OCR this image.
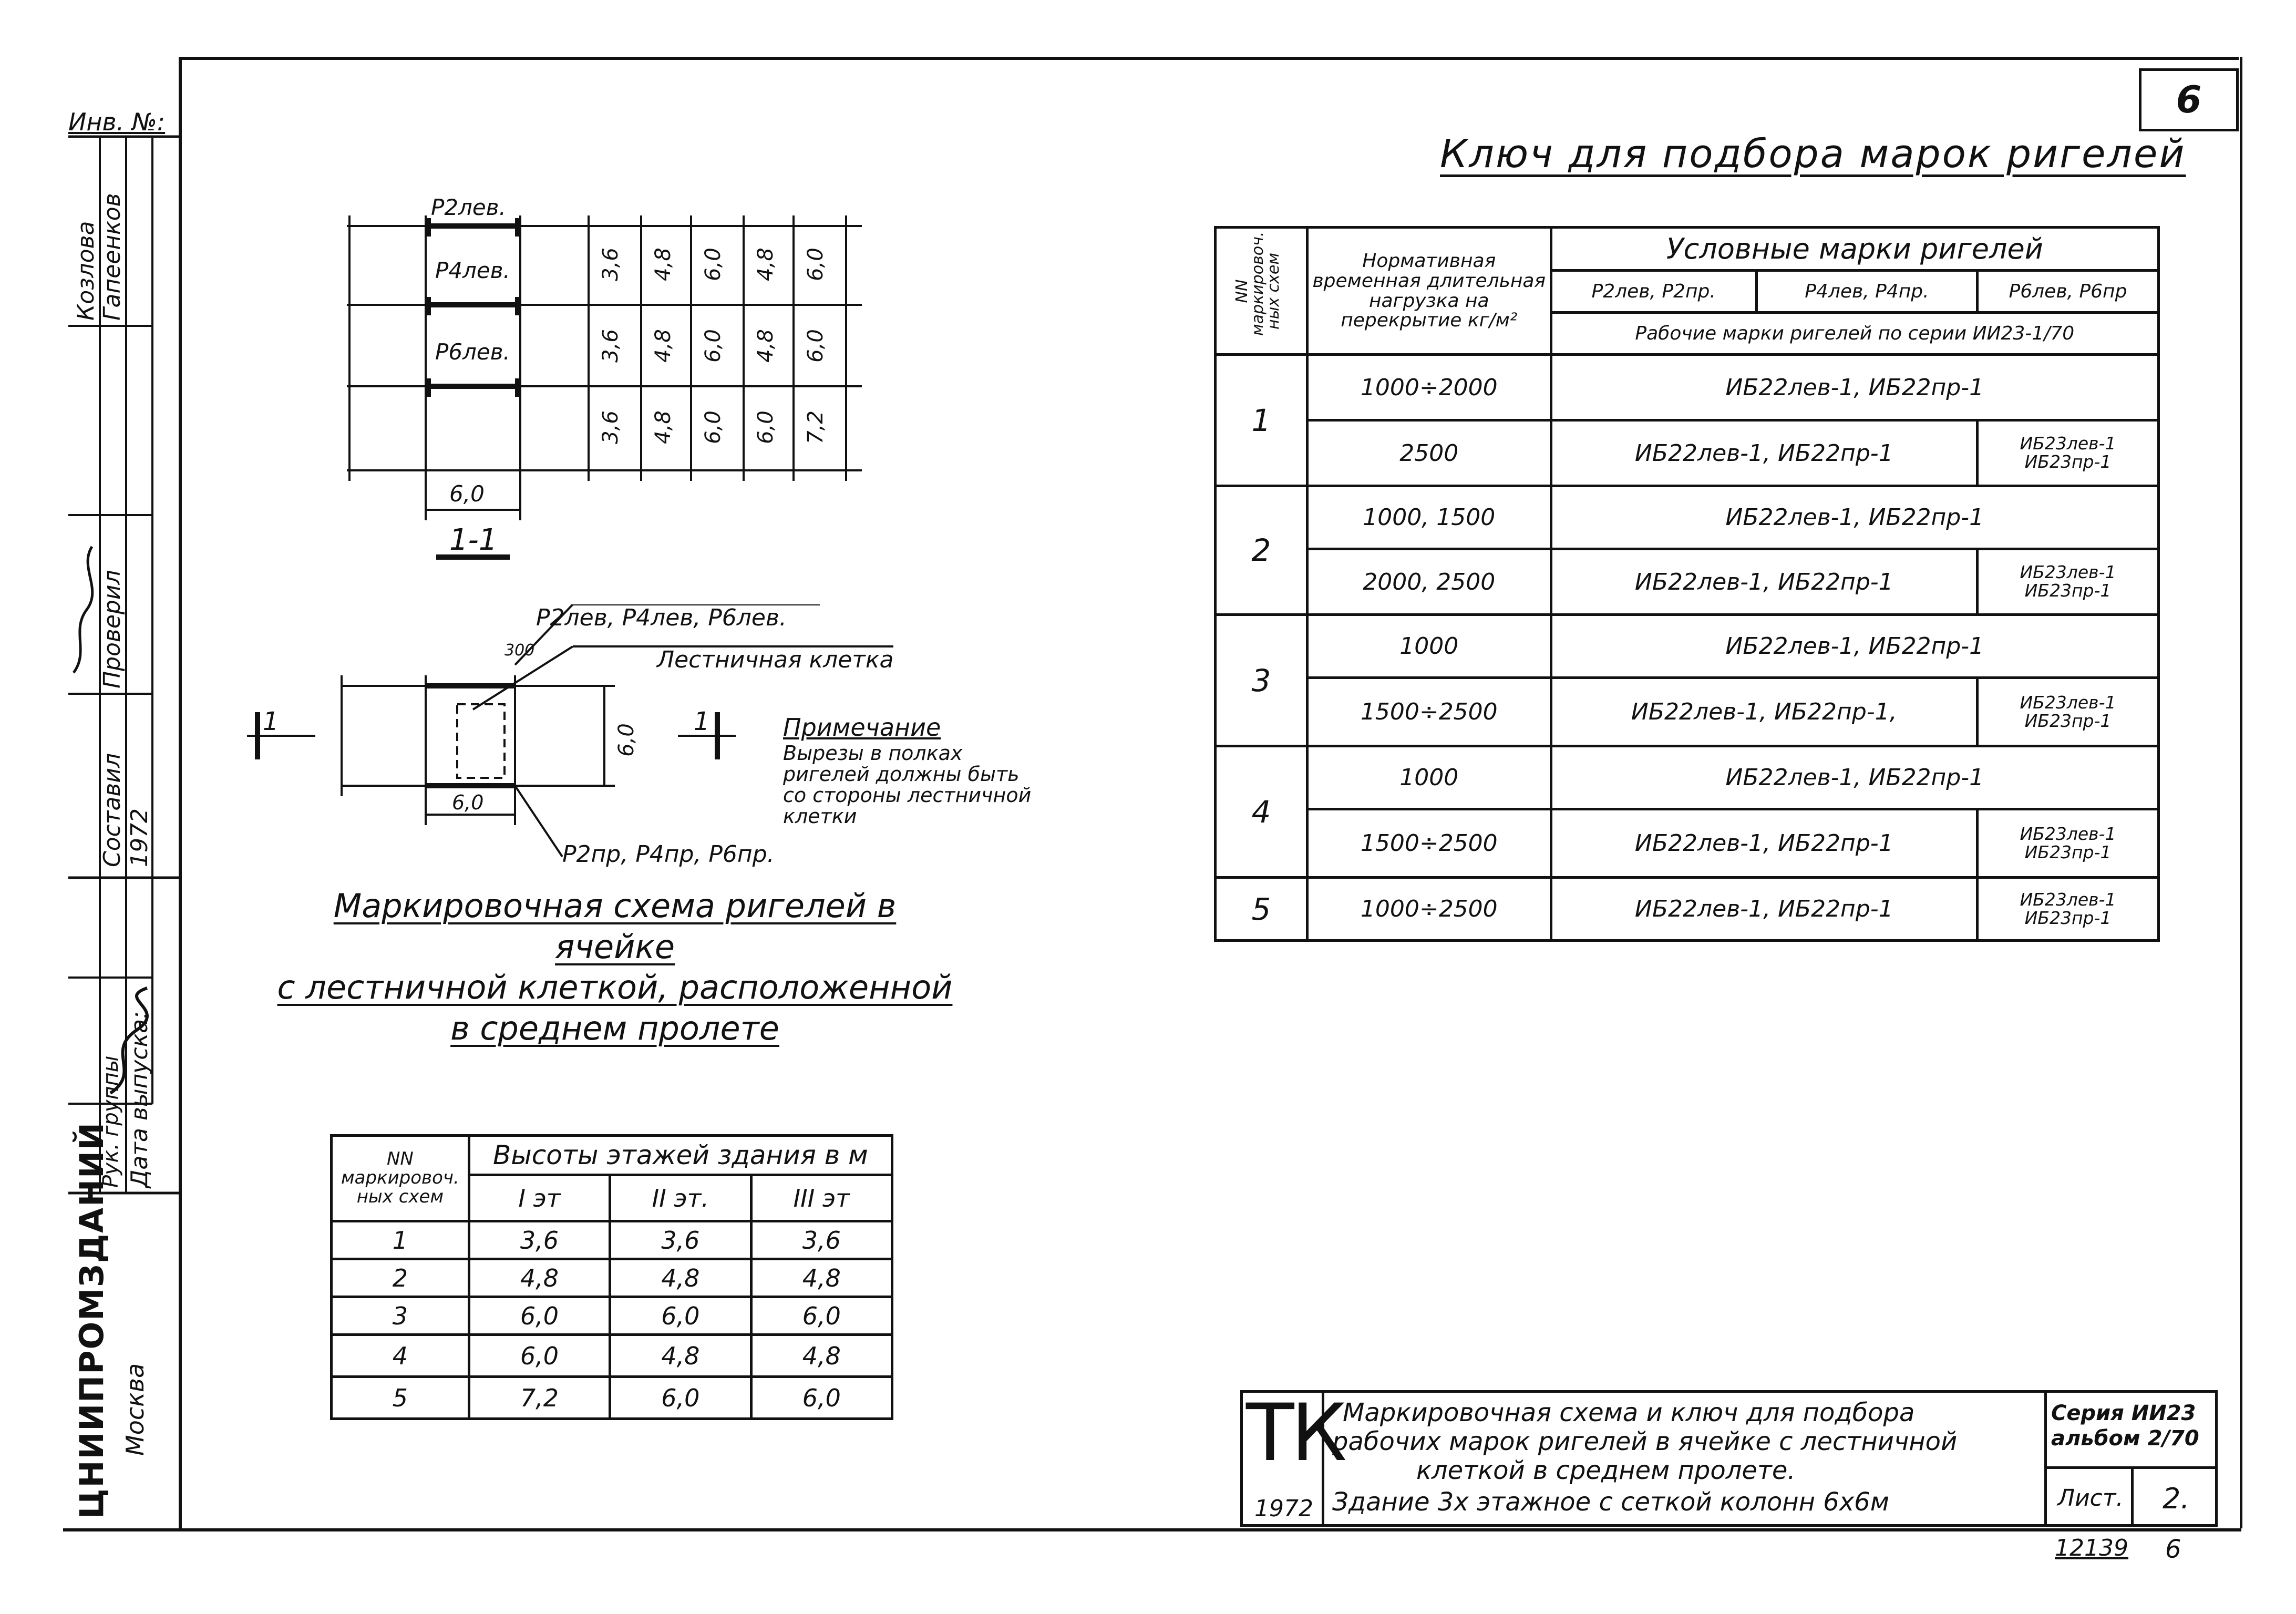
Инв. №:
Козлова Гапеенков
Проверил
Составил 1972
Рук. группы Дата выпуска:
ЦНИИПРОМЗДАНИЙ Москва
6
Ключ для подбора марок ригелей
NN маркировоч. ных схем	Нормативная временная длительная нагрузка на перекрытие кг/м²	Условные марки ригелей		
		Р2лев, Р2пр.	Р4лев, Р4пр.	Р6лев, Р6пр
		Рабочие марки ригелей по серии ИИ23-1/70		
1	1000÷2000	ИБ22лев-1, ИБ22пр-1		
	2500	ИБ22лев-1, ИБ22пр-1		ИБ23лев-1 ИБ23пр-1
2	1000, 1500	ИБ22лев-1, ИБ22пр-1		
	2000, 2500	ИБ22лев-1, ИБ22пр-1		ИБ23лев-1 ИБ23пр-1
3	1000	ИБ22лев-1, ИБ22пр-1		
	1500÷2500	ИБ22лев-1, ИБ22пр-1,		ИБ23лев-1 ИБ23пр-1
4	1000	ИБ22лев-1, ИБ22пр-1		
	1500÷2500	ИБ22лев-1, ИБ22пр-1		ИБ23лев-1 ИБ23пр-1
5	1000÷2500	ИБ22лев-1, ИБ22пр-1		ИБ23лев-1 ИБ23пр-1
Р2лев.
Р4лев.
Р6лев.
6,0
1-1
3,6 4,8 6,0 4,8 6,0
3,6 4,8 6,0 4,8 6,0
3,6 4,8 6,0 6,0 7,2
Р2лев, Р4лев, Р6лев.
300	Лестничная клетка
6,0
6,0
1	1
Р2пр, Р4пр, Р6пр.
Примечание
Вырезы в полках ригелей должны быть со стороны лестничной клетки
Маркировочная схема ригелей в ячейке
с лестничной клеткой, расположенной
в среднем пролете
NN маркировоч. ных схем	Высоты этажей здания в м		
	I эт	II эт.	III эт
1	3,6	3,6	3,6
2	4,8	4,8	4,8
3	6,0	6,0	6,0
4	6,0	4,8	4,8
5	7,2	6,0	6,0	ТК
1972
Маркировочная схема и ключ для подбора
рабочих марок ригелей в ячейке с лестничной
клеткой в среднем пролете.
Здание 3х этажное с сеткой колонн 6х6м
Серия ИИ23 альбом 2/70
Лист. 2.
12139 6
